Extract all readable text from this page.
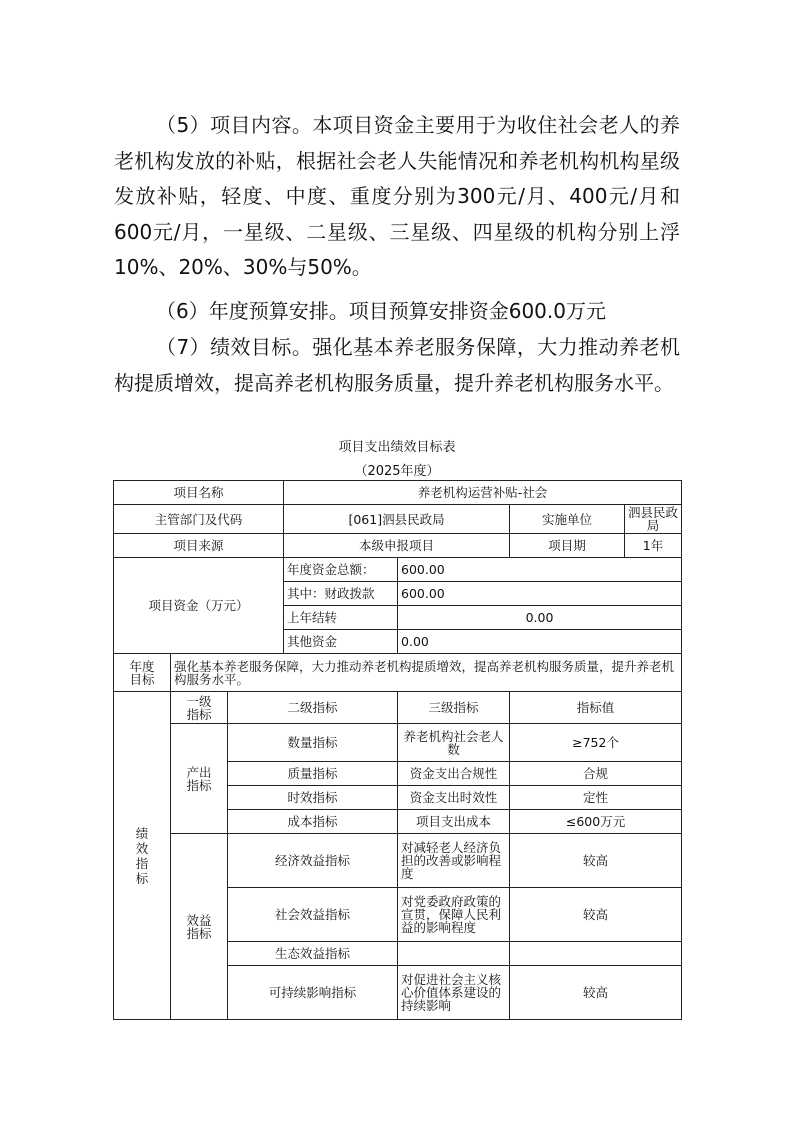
（5）项目内容。本项目资金主要用于为收住社会老人的养老机构发放的补贴，根据社会老人失能情况和养老机构机构星级发放补贴，轻度、中度、重度分别为300元/月、400元/月和600元/月，一星级、二星级、三星级、四星级的机构分别上浮10%、20%、30%与50%。

（6）年度预算安排。项目预算安排资金600.0万元

（7）绩效目标。强化基本养老服务保障，大力推动养老机构提质增效，提高养老机构服务质量，提升养老机构服务水平。

项目支出绩效目标表

（2025年度）

项目名称			养老机构运营补贴-社会			
主管部门及代码			[061]泗县民政局		实施单位	泗县民政局
项目来源			本级申报项目		项目期	1年
项目资金（万元）			年度资金总额：	600.00		
			其中：财政拨款	600.00		
			上年结转	0.00		
			其他资金	0.00		
年度目标	强化基本养老服务保障，大力推动养老机构提质增效，提高养老机构服务质量，提升养老机构服务水平。					
绩效指标	一级指标	二级指标		三级指标	指标值	
	产出指标	数量指标		养老机构社会老人数	≥752个	
		质量指标		资金支出合规性	合规	
		时效指标		资金支出时效性	定性	
		成本指标		项目支出成本	≤600万元	
	效益指标	经济效益指标		对减轻老人经济负担的改善或影响程度	较高	
		社会效益指标		对党委政府政策的宣贯，保障人民利益的影响程度	较高	
		生态效益指标				
		可持续影响指标		对促进社会主义核心价值体系建设的持续影响	较高	
